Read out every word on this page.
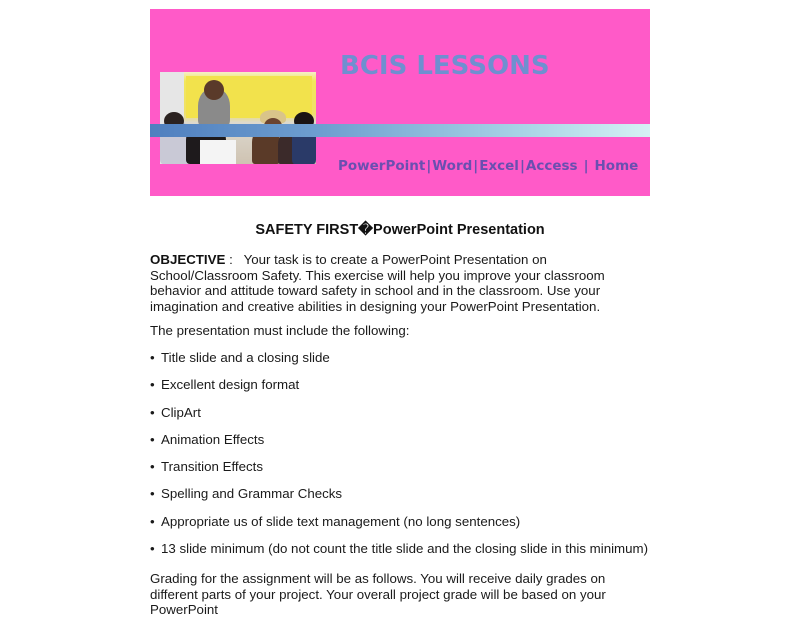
BCIS LESSONS
PowerPoint|Word|Excel|Access | Home
SAFETY FIRST�PowerPoint Presentation
OBJECTIVE :   Your task is to create a PowerPoint Presentation on School/Classroom Safety. This exercise will help you improve your classroom behavior and attitude toward safety in school and in the classroom. Use your imagination and creative abilities in designing your PowerPoint Presentation.
The presentation must include the following:
• Title slide and a closing slide
• Excellent design format
• ClipArt
• Animation Effects
• Transition Effects
• Spelling and Grammar Checks
• Appropriate us of slide text management (no long sentences)
• 13 slide minimum (do not count the title slide and the closing slide in this minimum)
Grading for the assignment will be as follows. You will receive daily grades on different parts of your project. Your overall project grade will be based on your PowerPoint
